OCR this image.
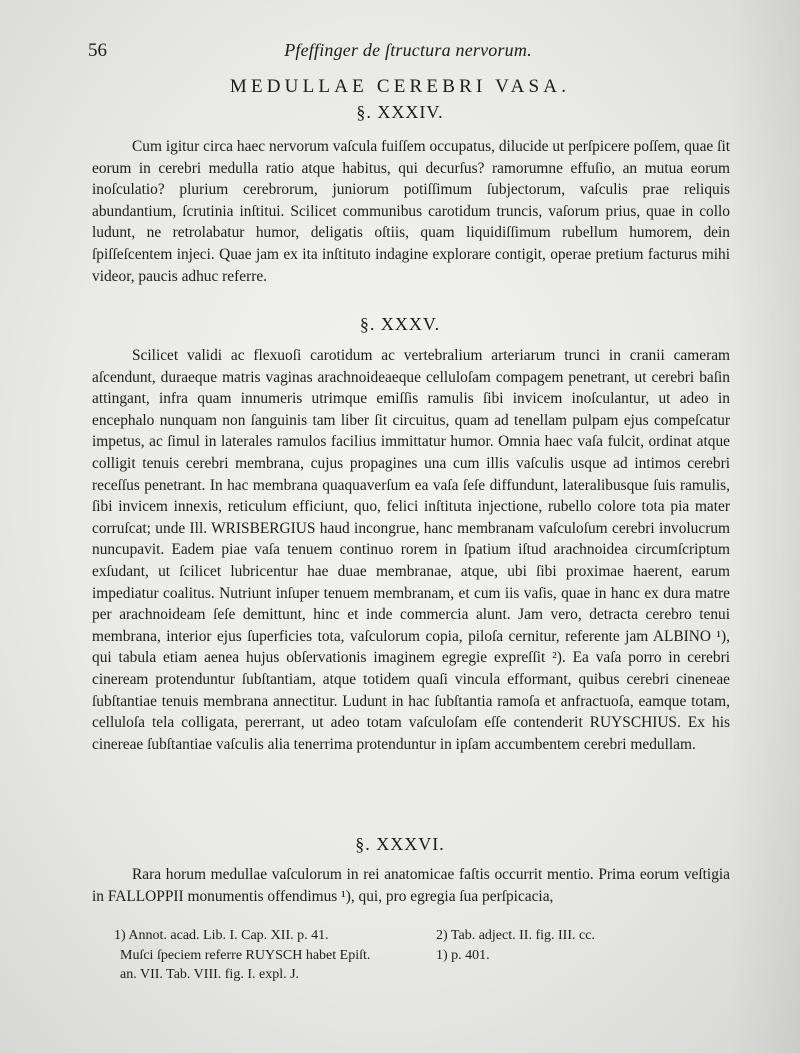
56	Pfeffinger de ſtructura nervorum.
MEDULLAE CEREBRI VASA.
§. XXXIV.

Cum igitur circa haec nervorum vaſcula fuiſſem occupatus, dilucide ut perſpicere poſſem, quae ſit eorum in cerebri medulla ratio atque habitus, qui decurſus? ramorumne effuſio, an mutua eorum inoſculatio? plurium cerebrorum, juniorum potiſſimum ſubjectorum, vaſculis prae reliquis abundantium, ſcrutinia inſtitui. Scilicet communibus carotidum truncis, vaſorum prius, quae in collo ludunt, ne retrolabatur humor, deligatis oſtiis, quam liquidiſſimum rubellum humorem, dein ſpiſſeſcentem injeci. Quae jam ex ita inſtituto indagine explorare contigit, operae pretium facturus mihi videor, paucis adhuc referre.

§. XXXV.

Scilicet validi ac flexuoſi carotidum ac vertebralium arteriarum trunci in cranii cameram aſcendunt, duraeque matris vaginas arachnoideaeque celluloſam compagem penetrant, ut cerebri baſin attingant, infra quam innumeris utrimque emiſſis ramulis ſibi invicem inoſculantur, ut adeo in encephalo nunquam non ſanguinis tam liber ſit circuitus, quam ad tenellam pulpam ejus compeſcatur impetus, ac ſimul in laterales ramulos facilius immittatur humor. Omnia haec vaſa fulcit, ordinat atque colligit tenuis cerebri membrana, cujus propagines una cum illis vaſculis usque ad intimos cerebri receſſus penetrant. In hac membrana quaquaverſum ea vaſa ſeſe diffundunt, lateralibusque ſuis ramulis, ſibi invicem innexis, reticulum efficiunt, quo, felici inſtituta injectione, rubello colore tota pia mater corruſcat; unde Ill. WRISBERGIUS haud incongrue, hanc membranam vaſculoſum cerebri involucrum nuncupavit. Eadem piae vaſa tenuem continuo rorem in ſpatium iſtud arachnoidea circumſcriptum exſudant, ut ſcilicet lubricentur hae duae membranae, atque, ubi ſibi proximae haerent, earum impediatur coalitus. Nutriunt inſuper tenuem membranam, et cum iis vaſis, quae in hanc ex dura matre per arachnoideam ſeſe demittunt, hinc et inde commercia alunt. Jam vero, detracta cerebro tenui membrana, interior ejus ſuperficies tota, vaſculorum copia, piloſa cernitur, referente jam ALBINO ¹), qui tabula etiam aenea hujus obſervationis imaginem egregie expreſſit ²). Ea vaſa porro in cerebri cineream protenduntur ſubſtantiam, atque totidem quaſi vincula efformant, quibus cerebri cineneae ſubſtantiae tenuis membrana annectitur. Ludunt in hac ſubſtantia ramoſa et anfractuoſa, eamque totam, celluloſa tela colligata, pererrant, ut adeo totam vaſculoſam eſſe contenderit RUYSCHIUS. Ex his cinereae ſubſtantiae vaſculis alia tenerrima protenduntur in ipſam accumbentem cerebri medullam.

§. XXXVI.

Rara horum medullae vaſculorum in rei anatomicae faſtis occurrit mentio. Prima eorum veſtigia in FALLOPPII monumentis offendimus ¹), qui, pro egregia ſua perſpicacia,

1) Annot. acad. Lib. I. Cap. XII. p. 41.
Muſci ſpeciem referre RUYSCH habet Epiſt.
an. VII. Tab. VIII. fig. I. expl. J.
2) Tab. adject. II. fig. III. cc.
1) p. 401.
